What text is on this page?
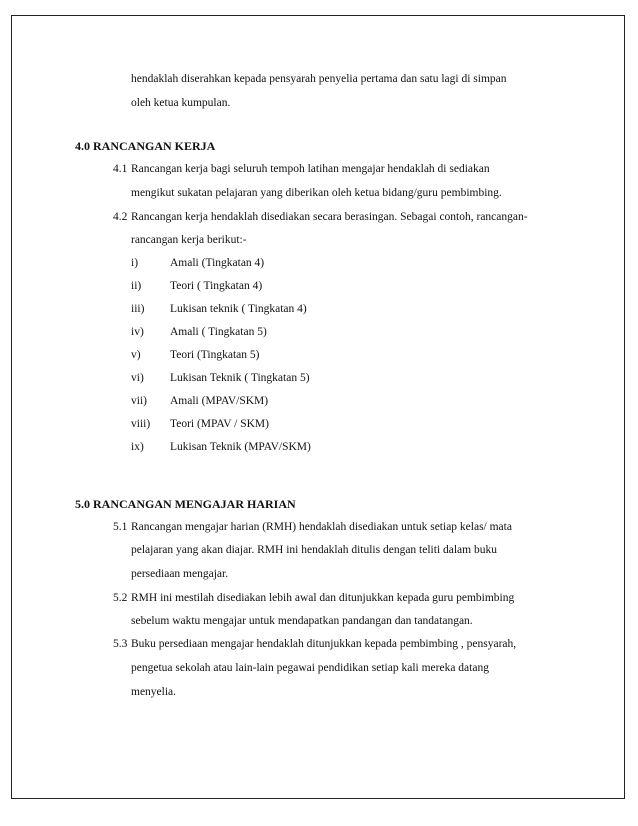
hendaklah diserahkan kepada pensyarah penyelia pertama dan satu lagi di simpan
oleh ketua kumpulan.
4.0 RANCANGAN KERJA
4.1 Rancangan kerja bagi seluruh tempoh latihan mengajar hendaklah di sediakan
mengikut sukatan pelajaran yang diberikan oleh ketua bidang/guru pembimbing.
4.2 Rancangan kerja hendaklah disediakan secara berasingan. Sebagai contoh, rancangan-
rancangan kerja berikut:-
i)	Amali (Tingkatan 4)
ii)	Teori ( Tingkatan 4)
iii) Lukisan teknik ( Tingkatan 4)
iv) Amali ( Tingkatan 5)
v)	Teori (Tingkatan 5)
vi) Lukisan Teknik ( Tingkatan 5)
vii) Amali (MPAV/SKM)
viii) Teori (MPAV / SKM)
ix) Lukisan Teknik (MPAV/SKM)
5.0 RANCANGAN MENGAJAR HARIAN
5.1 Rancangan mengajar harian (RMH) hendaklah disediakan untuk setiap kelas/ mata
pelajaran yang akan diajar. RMH ini hendaklah ditulis dengan teliti dalam buku
persediaan mengajar.
5.2 RMH ini mestilah disediakan lebih awal dan ditunjukkan kepada guru pembimbing
sebelum waktu mengajar untuk mendapatkan pandangan dan tandatangan.
5.3 Buku persediaan mengajar hendaklah ditunjukkan kepada pembimbing , pensyarah,
pengetua sekolah atau lain-lain pegawai pendidikan setiap kali mereka datang
menyelia.
